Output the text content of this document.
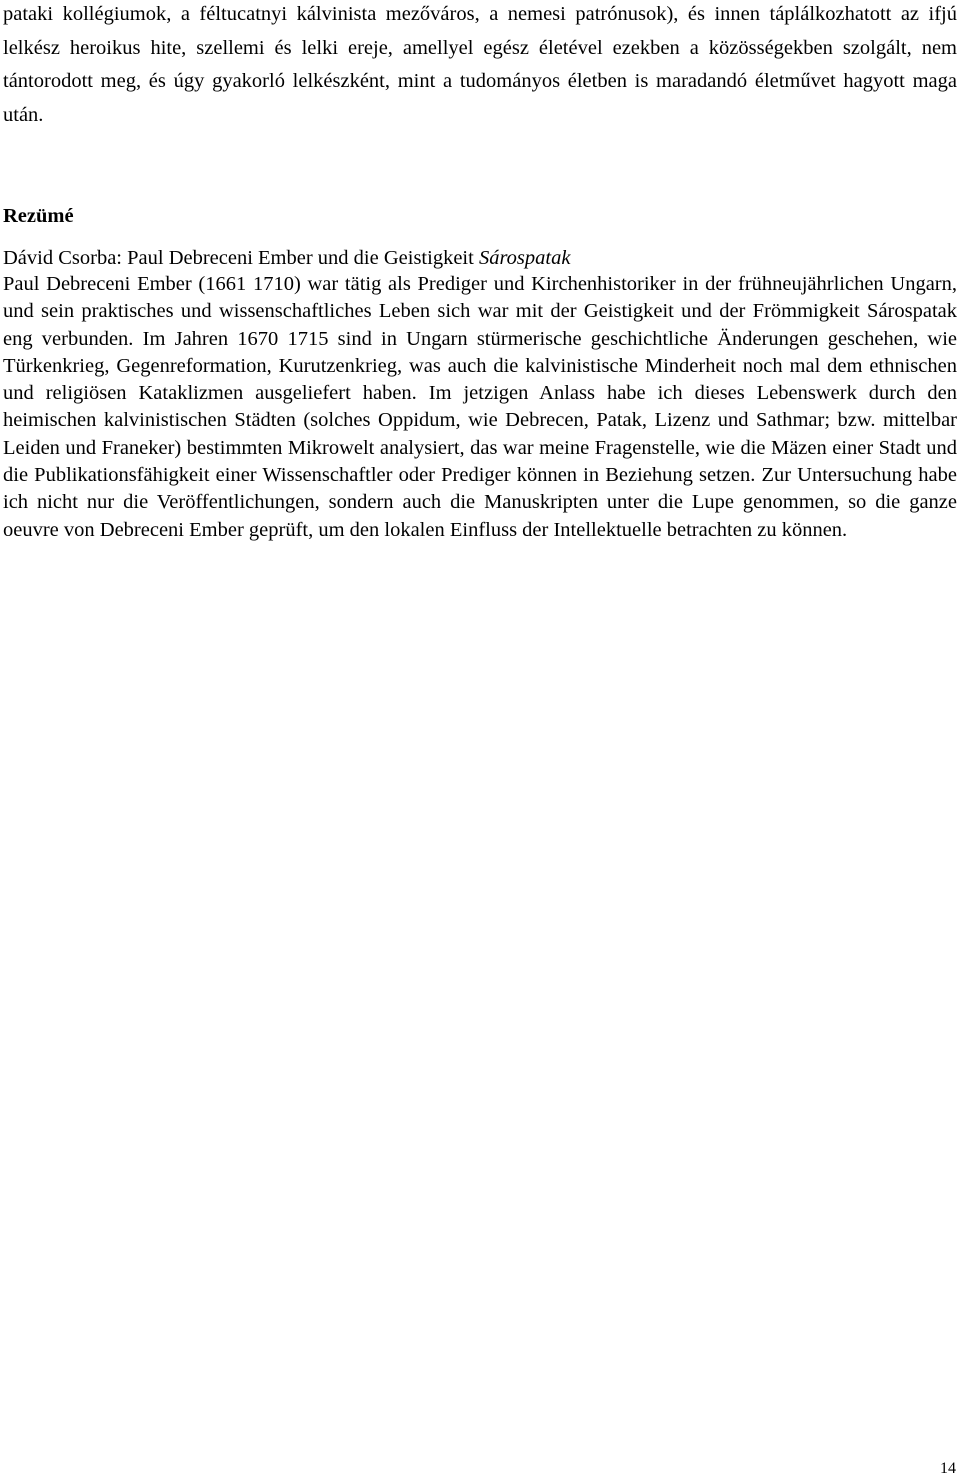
pataki kollégiumok, a féltucatnyi kálvinista mezőváros, a nemesi patrónusok), és innen táplálkozhatott az ifjú lelkész heroikus hite, szellemi és lelki ereje, amellyel egész életével ezekben a közösségekben szolgált, nem tántorodott meg, és úgy gyakorló lelkészként, mint a tudományos életben is maradandó életművet hagyott maga után.

Rezümé

Dávid Csorba: Paul Debreceni Ember und die Geistigkeit Sárospatak

Paul Debreceni Ember (1661 1710) war tätig als Prediger und Kirchenhistoriker in der frühneujährlichen Ungarn, und sein praktisches und wissenschaftliches Leben sich war mit der Geistigkeit und der Frömmigkeit Sárospatak eng verbunden. Im Jahren 1670 1715 sind in Ungarn stürmerische geschichtliche Änderungen geschehen, wie Türkenkrieg, Gegenreformation, Kurutzenkrieg, was auch die kalvinistische Minderheit noch mal dem ethnischen und religiösen Kataklizmen ausgeliefert haben. Im jetzigen Anlass habe ich dieses Lebenswerk durch den heimischen kalvinistischen Städten (solches Oppidum, wie Debrecen, Patak, Lizenz und Sathmar; bzw. mittelbar Leiden und Franeker) bestimmten Mikrowelt analysiert, das war meine Fragenstelle, wie die Mäzen einer Stadt und die Publikationsfähigkeit einer Wissenschaftler oder Prediger können in Beziehung setzen. Zur Untersuchung habe ich nicht nur die Veröffentlichungen, sondern auch die Manuskripten unter die Lupe genommen, so die ganze oeuvre von Debreceni Ember geprüft, um den lokalen Einfluss der Intellektuelle betrachten zu können.

14
